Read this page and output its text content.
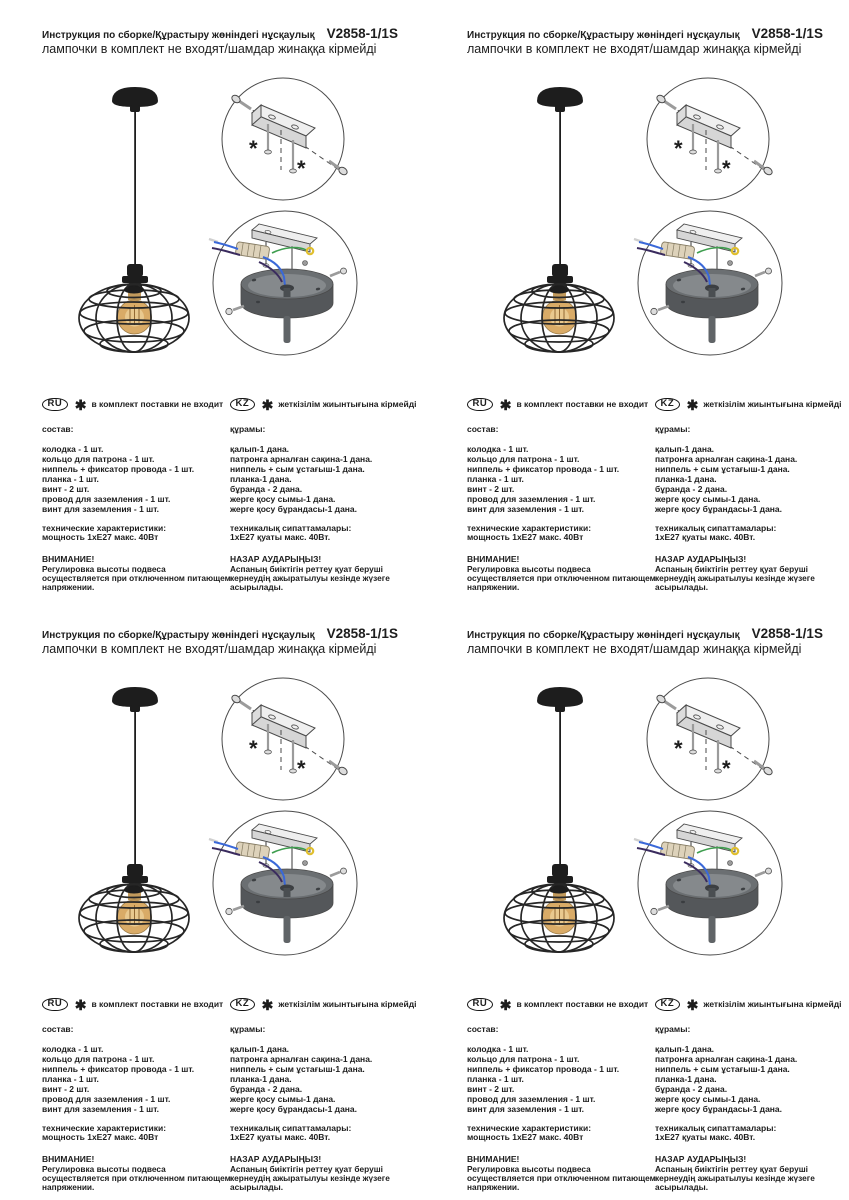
Инструкция по сборке/Құрастыру жөніндегі нұсқаулық V2858-1/1S
лампочки в комплект не входят/шамдар жинаққа кірмейді
*
*
RU ✱ в комплект поставки не входит
состав:
колодка - 1 шт.
кольцо для патрона - 1 шт.
ниппель + фиксатор провода - 1 шт.
планка - 1 шт.
винт - 2 шт.
провод для заземления - 1 шт.
винт для заземления - 1 шт.
технические характеристики:
мощность 1хЕ27 макс. 40Вт
ВНИМАНИЕ!
Регулировка высоты подвеса осуществляется при отключенном питающем напряжении.
KZ ✱ жеткізілім жиынтығына кірмейді
құрамы:
қалып-1 дана.
патронға арналған сақина-1 дана.
ниппель + сым ұстағыш-1 дана.
планка-1 дана.
бұранда - 2 дана.
жерге қосу сымы-1 дана.
жерге қосу бұрандасы-1 дана.
техникалық сипаттамалары:
1хЕ27 қуаты макс. 40Вт.
НАЗАР АУДАРЫҢЫЗ!
Аспаның биіктігін реттеу қуат беруші кернеудің ажыратылуы кезінде жүзеге асырылады.
Инструкция по сборке/Құрастыру жөніндегі нұсқаулық V2858-1/1S
лампочки в комплект не входят/шамдар жинаққа кірмейді
*
*
RU ✱ в комплект поставки не входит
состав:
колодка - 1 шт.
кольцо для патрона - 1 шт.
ниппель + фиксатор провода - 1 шт.
планка - 1 шт.
винт - 2 шт.
провод для заземления - 1 шт.
винт для заземления - 1 шт.
технические характеристики:
мощность 1хЕ27 макс. 40Вт
ВНИМАНИЕ!
Регулировка высоты подвеса осуществляется при отключенном питающем напряжении.
KZ ✱ жеткізілім жиынтығына кірмейді
құрамы:
қалып-1 дана.
патронға арналған сақина-1 дана.
ниппель + сым ұстағыш-1 дана.
планка-1 дана.
бұранда - 2 дана.
жерге қосу сымы-1 дана.
жерге қосу бұрандасы-1 дана.
техникалық сипаттамалары:
1хЕ27 қуаты макс. 40Вт.
НАЗАР АУДАРЫҢЫЗ!
Аспаның биіктігін реттеу қуат беруші кернеудің ажыратылуы кезінде жүзеге асырылады.
Инструкция по сборке/Құрастыру жөніндегі нұсқаулық V2858-1/1S
лампочки в комплект не входят/шамдар жинаққа кірмейді
*
*
RU ✱ в комплект поставки не входит
состав:
колодка - 1 шт.
кольцо для патрона - 1 шт.
ниппель + фиксатор провода - 1 шт.
планка - 1 шт.
винт - 2 шт.
провод для заземления - 1 шт.
винт для заземления - 1 шт.
технические характеристики:
мощность 1хЕ27 макс. 40Вт
ВНИМАНИЕ!
Регулировка высоты подвеса осуществляется при отключенном питающем напряжении.
KZ ✱ жеткізілім жиынтығына кірмейді
құрамы:
қалып-1 дана.
патронға арналған сақина-1 дана.
ниппель + сым ұстағыш-1 дана.
планка-1 дана.
бұранда - 2 дана.
жерге қосу сымы-1 дана.
жерге қосу бұрандасы-1 дана.
техникалық сипаттамалары:
1хЕ27 қуаты макс. 40Вт.
НАЗАР АУДАРЫҢЫЗ!
Аспаның биіктігін реттеу қуат беруші кернеудің ажыратылуы кезінде жүзеге асырылады.
Инструкция по сборке/Құрастыру жөніндегі нұсқаулық V2858-1/1S
лампочки в комплект не входят/шамдар жинаққа кірмейді
*
*
RU ✱ в комплект поставки не входит
состав:
колодка - 1 шт.
кольцо для патрона - 1 шт.
ниппель + фиксатор провода - 1 шт.
планка - 1 шт.
винт - 2 шт.
провод для заземления - 1 шт.
винт для заземления - 1 шт.
технические характеристики:
мощность 1хЕ27 макс. 40Вт
ВНИМАНИЕ!
Регулировка высоты подвеса осуществляется при отключенном питающем напряжении.
KZ ✱ жеткізілім жиынтығына кірмейді
құрамы:
қалып-1 дана.
патронға арналған сақина-1 дана.
ниппель + сым ұстағыш-1 дана.
планка-1 дана.
бұранда - 2 дана.
жерге қосу сымы-1 дана.
жерге қосу бұрандасы-1 дана.
техникалық сипаттамалары:
1хЕ27 қуаты макс. 40Вт.
НАЗАР АУДАРЫҢЫЗ!
Аспаның биіктігін реттеу қуат беруші кернеудің ажыратылуы кезінде жүзеге асырылады.
